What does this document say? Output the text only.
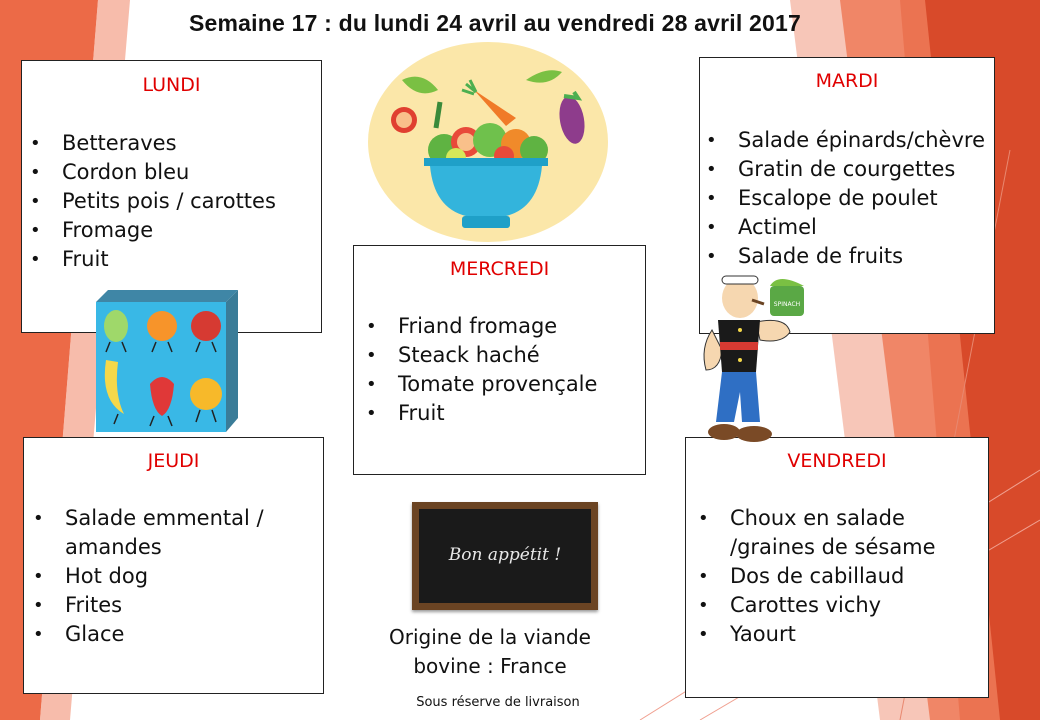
Semaine 17 : du lundi 24 avril au vendredi 28 avril 2017
LUNDI
• Betteraves
• Cordon bleu
• Petits pois / carottes
• Fromage
• Fruit
MARDI
• Salade épinards/chèvre
• Gratin de courgettes
• Escalope de poulet
• Actimel
• Salade de fruits
MERCREDI
• Friand fromage
• Steack haché
• Tomate provençale
• Fruit
JEUDI
• Salade emmental / amandes
• Hot dog
• Frites
• Glace
VENDREDI
• Choux en salade /graines de sésame
• Dos de cabillaud
• Carottes vichy
• Yaourt
SPINACH
Bon appétit !
Origine de la viande
bovine : France
Sous réserve de livraison
